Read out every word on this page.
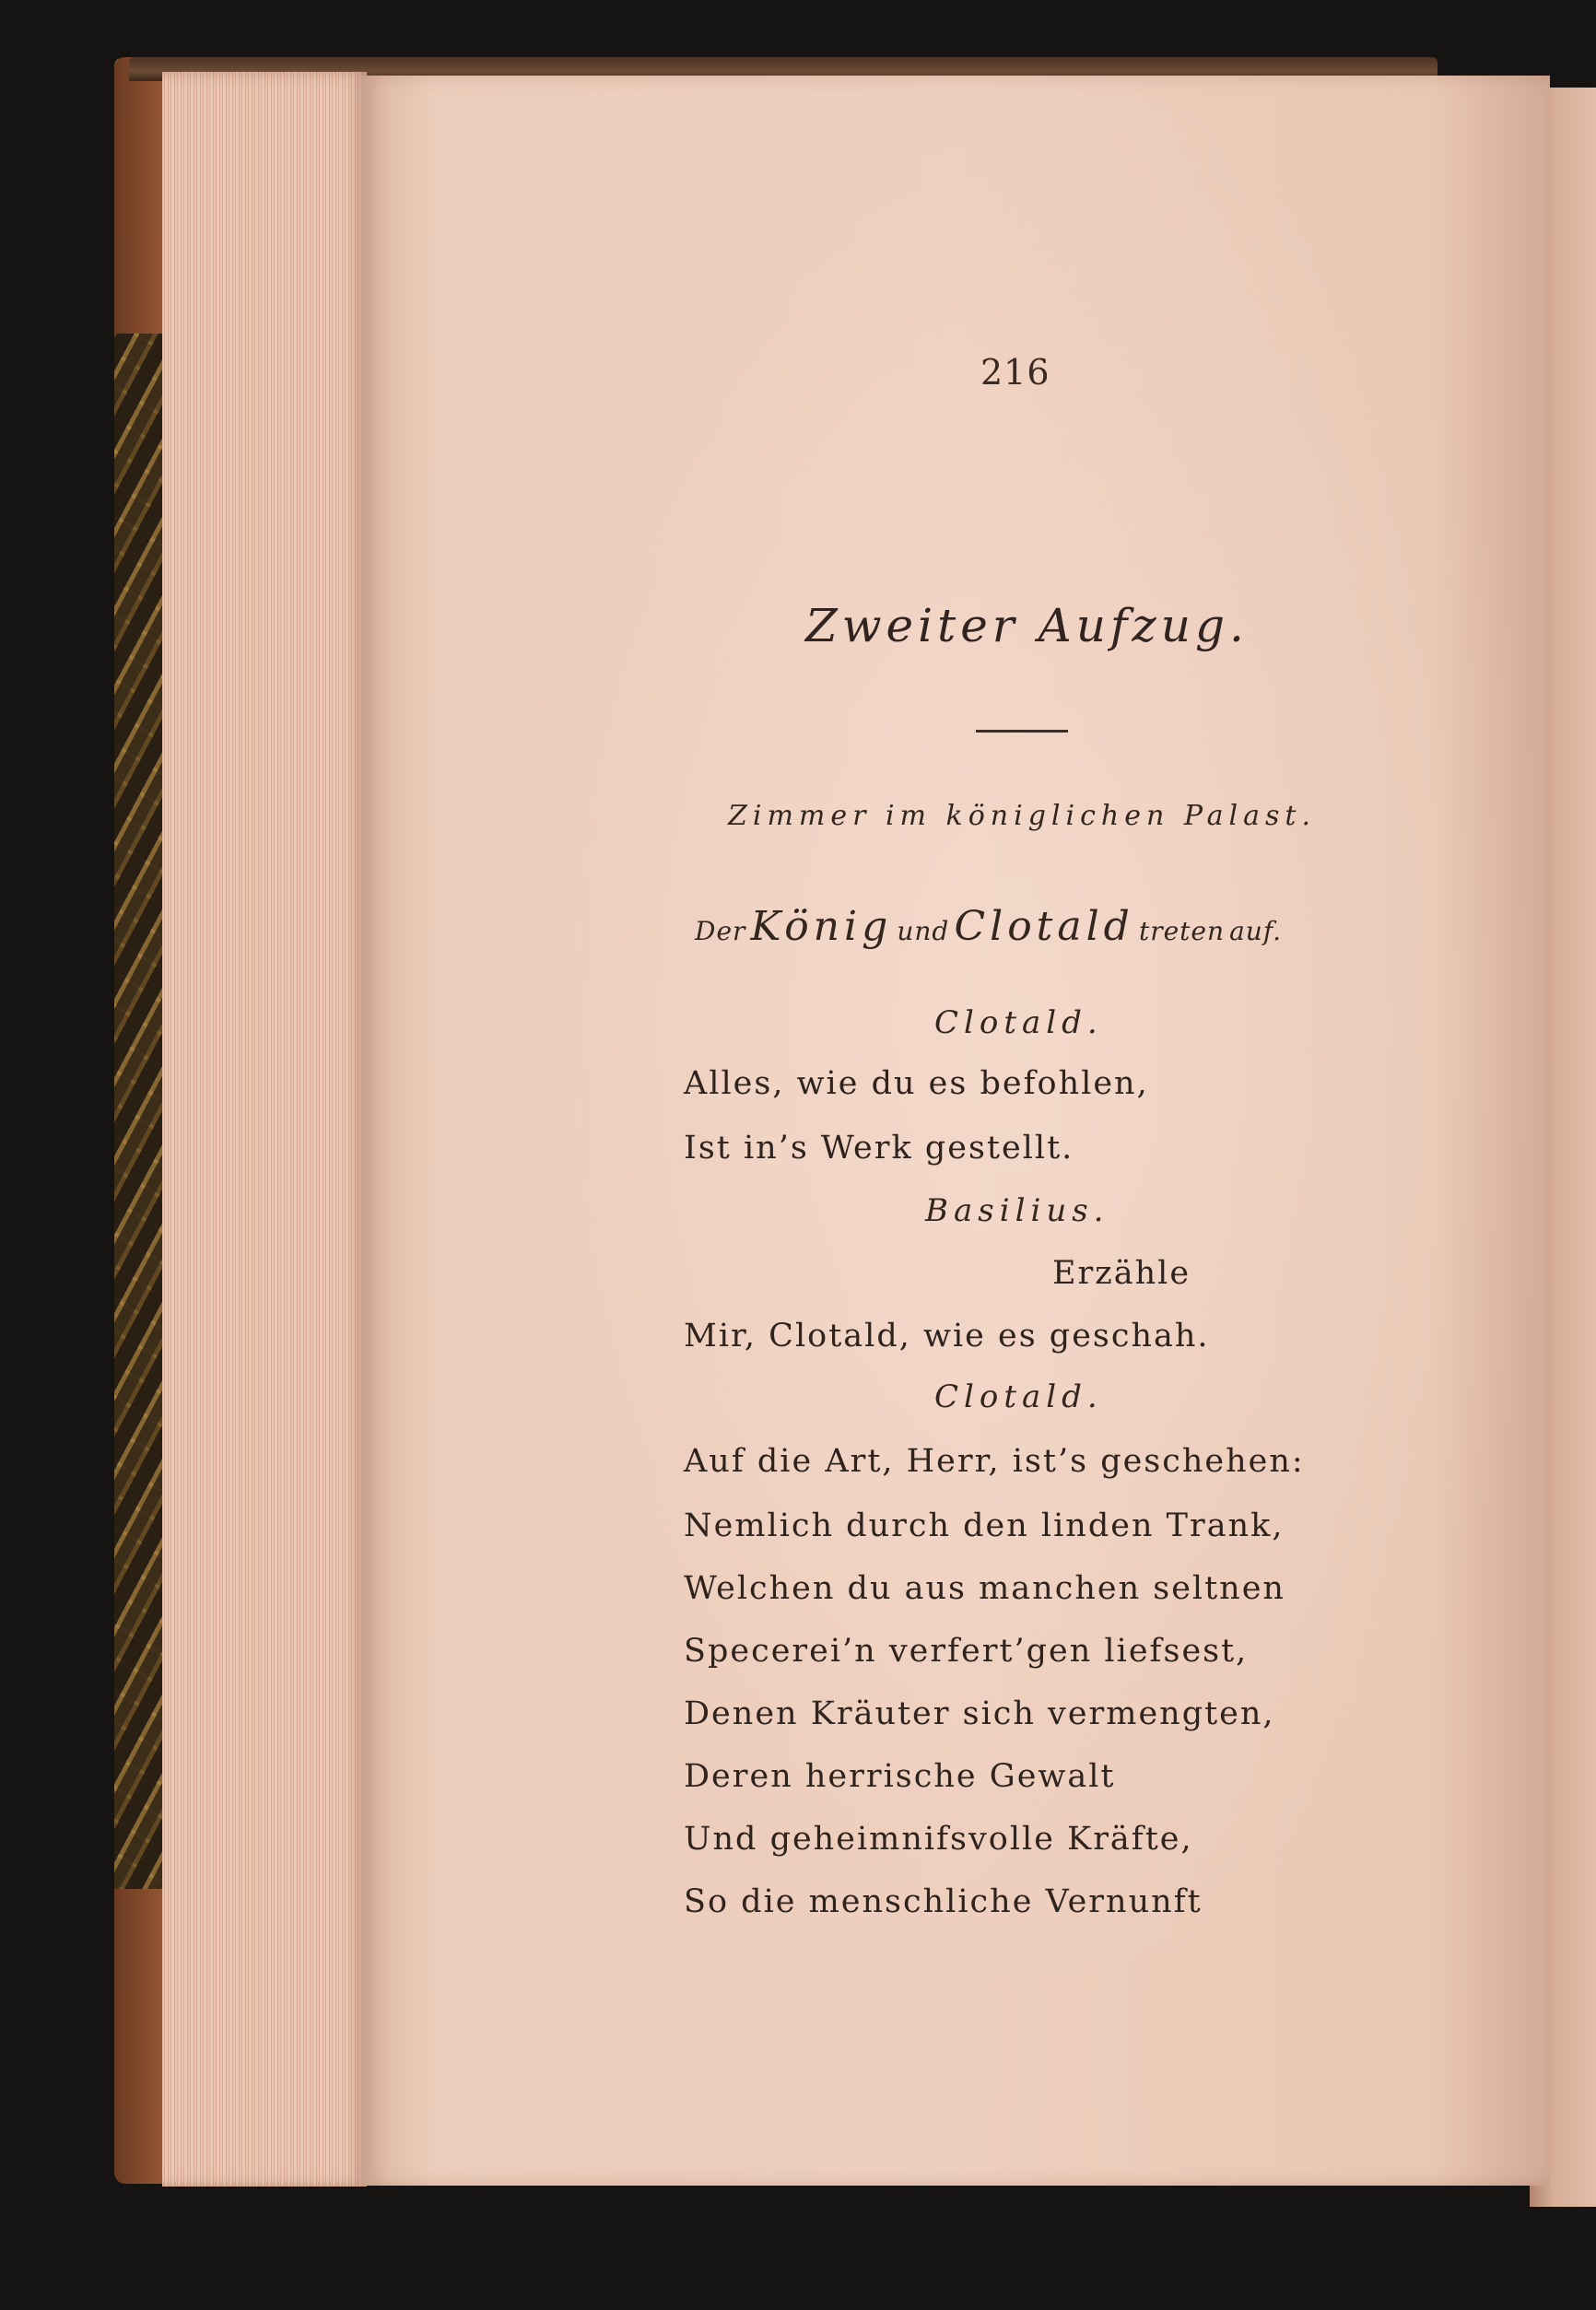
216
Zweiter Aufzug.
Zimmer im königlichen Palast.
Der König und Clotald treten auf.
Clotald.
Alles, wie du es befohlen,
Ist in’s Werk gestellt.
Basilius.
Erzähle
Mir, Clotald, wie es geschah.
Clotald.
Auf die Art, Herr, ist’s geschehen:
Nemlich durch den linden Trank,
Welchen du aus manchen seltnen
Specerei’n verfert’gen liefsest,
Denen Kräuter sich vermengten,
Deren herrische Gewalt
Und geheimnifsvolle Kräfte,
So die menschliche Vernunft
